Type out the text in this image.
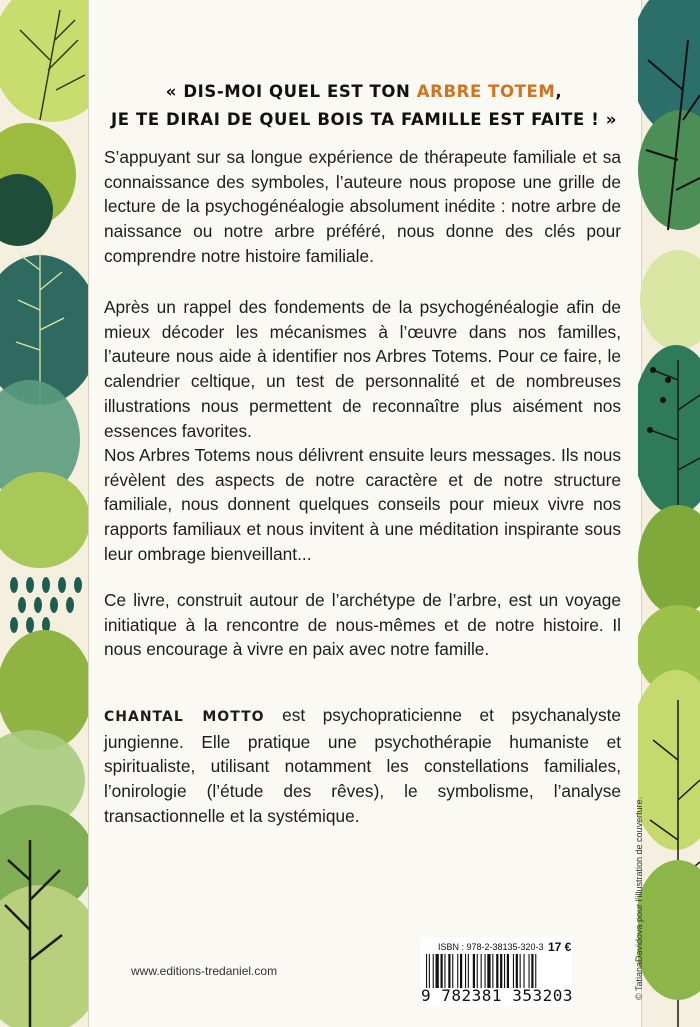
« DIS-MOI QUEL EST TON ARBRE TOTEM,
JE TE DIRAI DE QUEL BOIS TA FAMILLE EST FAITE ! »

S’appuyant sur sa longue expérience de thérapeute familiale et sa connaissance des symboles, l’auteure nous propose une grille de lecture de la psychogénéalogie absolument inédite : notre arbre de naissance ou notre arbre préféré, nous donne des clés pour comprendre notre histoire familiale.

Après un rappel des fondements de la psychogénéalogie afin de mieux décoder les mécanismes à l’œuvre dans nos familles, l’auteure nous aide à identifier nos Arbres Totems. Pour ce faire, le calendrier celtique, un test de personnalité et de nombreuses illustrations nous permettent de reconnaître plus aisément nos essences favorites.

Nos Arbres Totems nous délivrent ensuite leurs messages. Ils nous révèlent des aspects de notre caractère et de notre structure familiale, nous donnent quelques conseils pour mieux vivre nos rapports familiaux et nous invitent à une méditation inspirante sous leur ombrage bienveillant...

Ce livre, construit autour de l’archétype de l’arbre, est un voyage initiatique à la rencontre de nous-mêmes et de notre histoire. Il nous encourage à vivre en paix avec notre famille.

CHANTAL MOTTO est psychopraticienne et psychanalyste jungienne. Elle pratique une psychothérapie humaniste et spiritualiste, utilisant notamment les constellations familiales, l’onirologie (l’étude des rêves), le symbolisme, l’analyse transactionnelle et la systémique.

www.editions-tredaniel.com
ISBN : 978-2-38135-320-3 17 €
9 782381 353203	© TatianaDavidova pour l’illustration de couverture.
